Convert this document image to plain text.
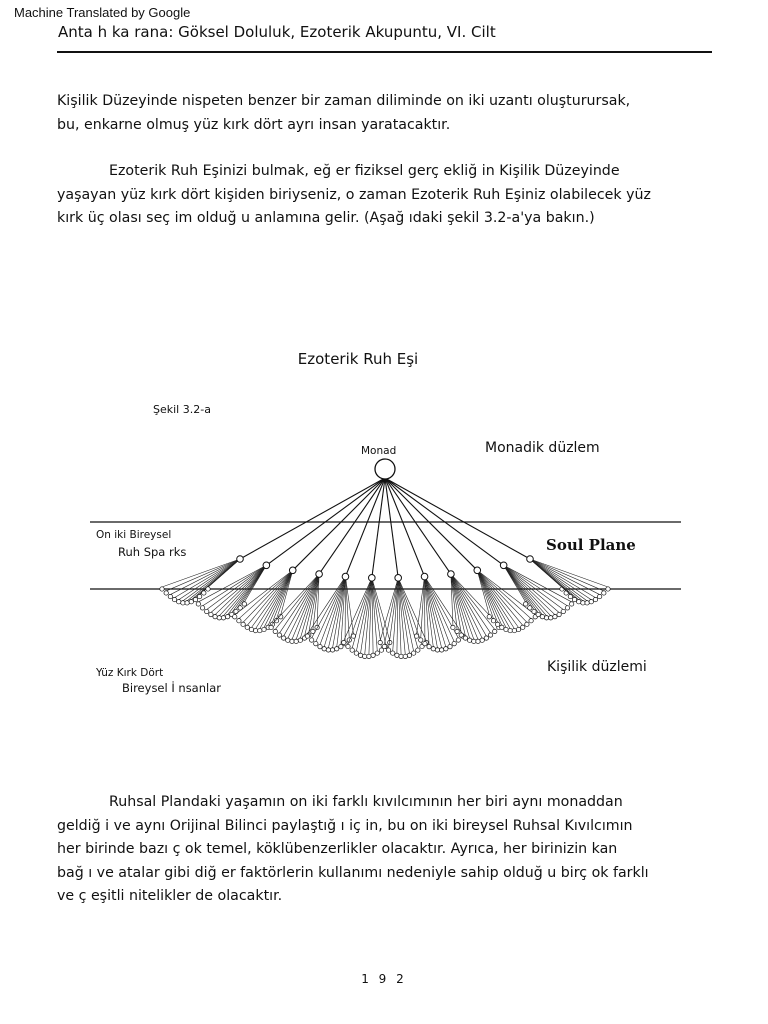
Machine Translated by Google
Anta h ka rana: Göksel Doluluk, Ezoterik Akupuntu, VI. Cilt

Kişilik Düzeyinde nispeten benzer bir zaman diliminde on iki uzantı oluşturursak,
bu, enkarne olmuş yüz kırk dört ayrı insan yaratacaktır.

Ezoterik Ruh Eşinizi bulmak, eğ er fiziksel gerç ekliğ in Kişilik Düzeyinde
yaşayan yüz kırk dört kişiden biriyseniz, o zaman Ezoterik Ruh Eşiniz olabilecek yüz
kırk üç olası seç im olduğ u anlamına gelir. (Aşağ ıdaki şekil 3.2-a'ya bakın.)

Ezoterik Ruh Eşi
Şekil 3.2-a
Monad	Monadik düzlem
Soul Plane
On iki Bireysel
Ruh Spa rks
Kişilik düzlemi
Yüz Kırk Dört
Bireysel İ nsanlar

Ruhsal Plandaki yaşamın on iki farklı kıvılcımının her biri aynı monaddan
geldiğ i ve aynı Orijinal Bilinci paylaştığ ı iç in, bu on iki bireysel Ruhsal Kıvılcımın
her birinde bazı ç ok temel, köklübenzerlikler olacaktır. Ayrıca, her birinizin kan
bağ ı ve atalar gibi diğ er faktörlerin kullanımı nedeniyle sahip olduğ u birç ok farklı
ve ç eşitli nitelikler de olacaktır.

1 9 2
